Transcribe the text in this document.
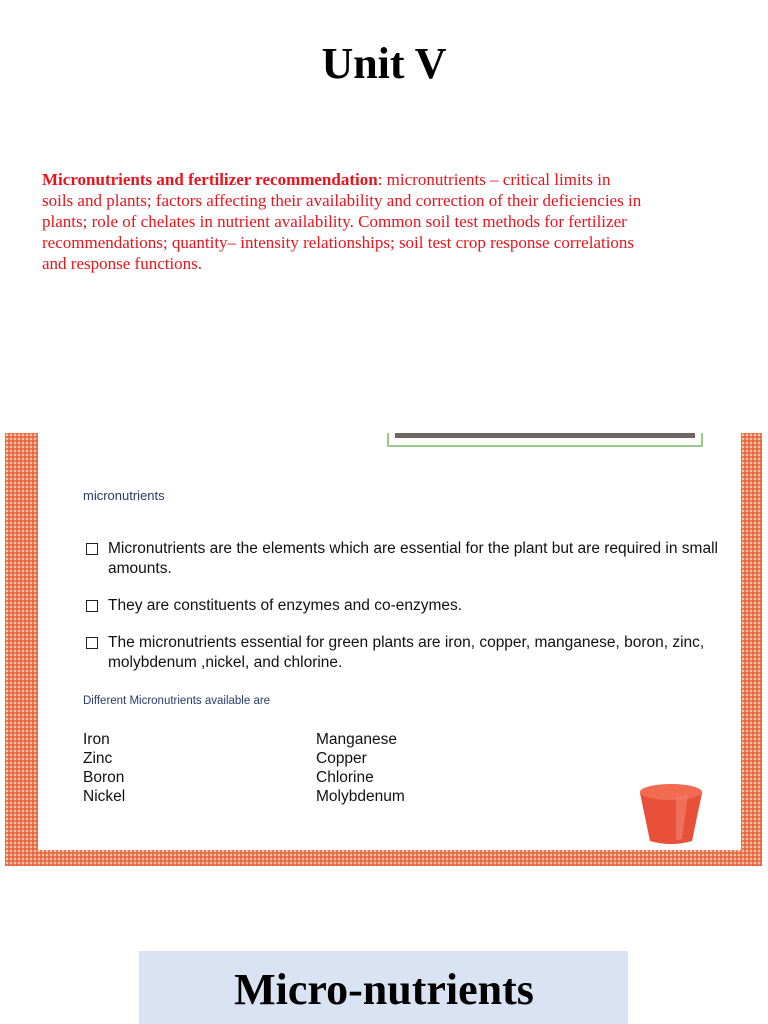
Unit V
Micronutrients and fertilizer recommendation: micronutrients – critical limits in soils and plants; factors affecting their availability and correction of their deficiencies in plants; role of chelates in nutrient availability. Common soil test methods for fertilizer recommendations; quantity– intensity relationships; soil test crop response correlations and response functions.
micronutrients
Micronutrients are the elements which are essential for the plant but are required in small amounts.
They are constituents of enzymes and co-enzymes.
The micronutrients essential for green plants are iron, copper, manganese, boron, zinc, molybdenum ,nickel, and chlorine.
Different Micronutrients available are
Iron
Zinc
Boron
Nickel
Manganese
Copper
Chlorine
Molybdenum
Micro-nutrients
